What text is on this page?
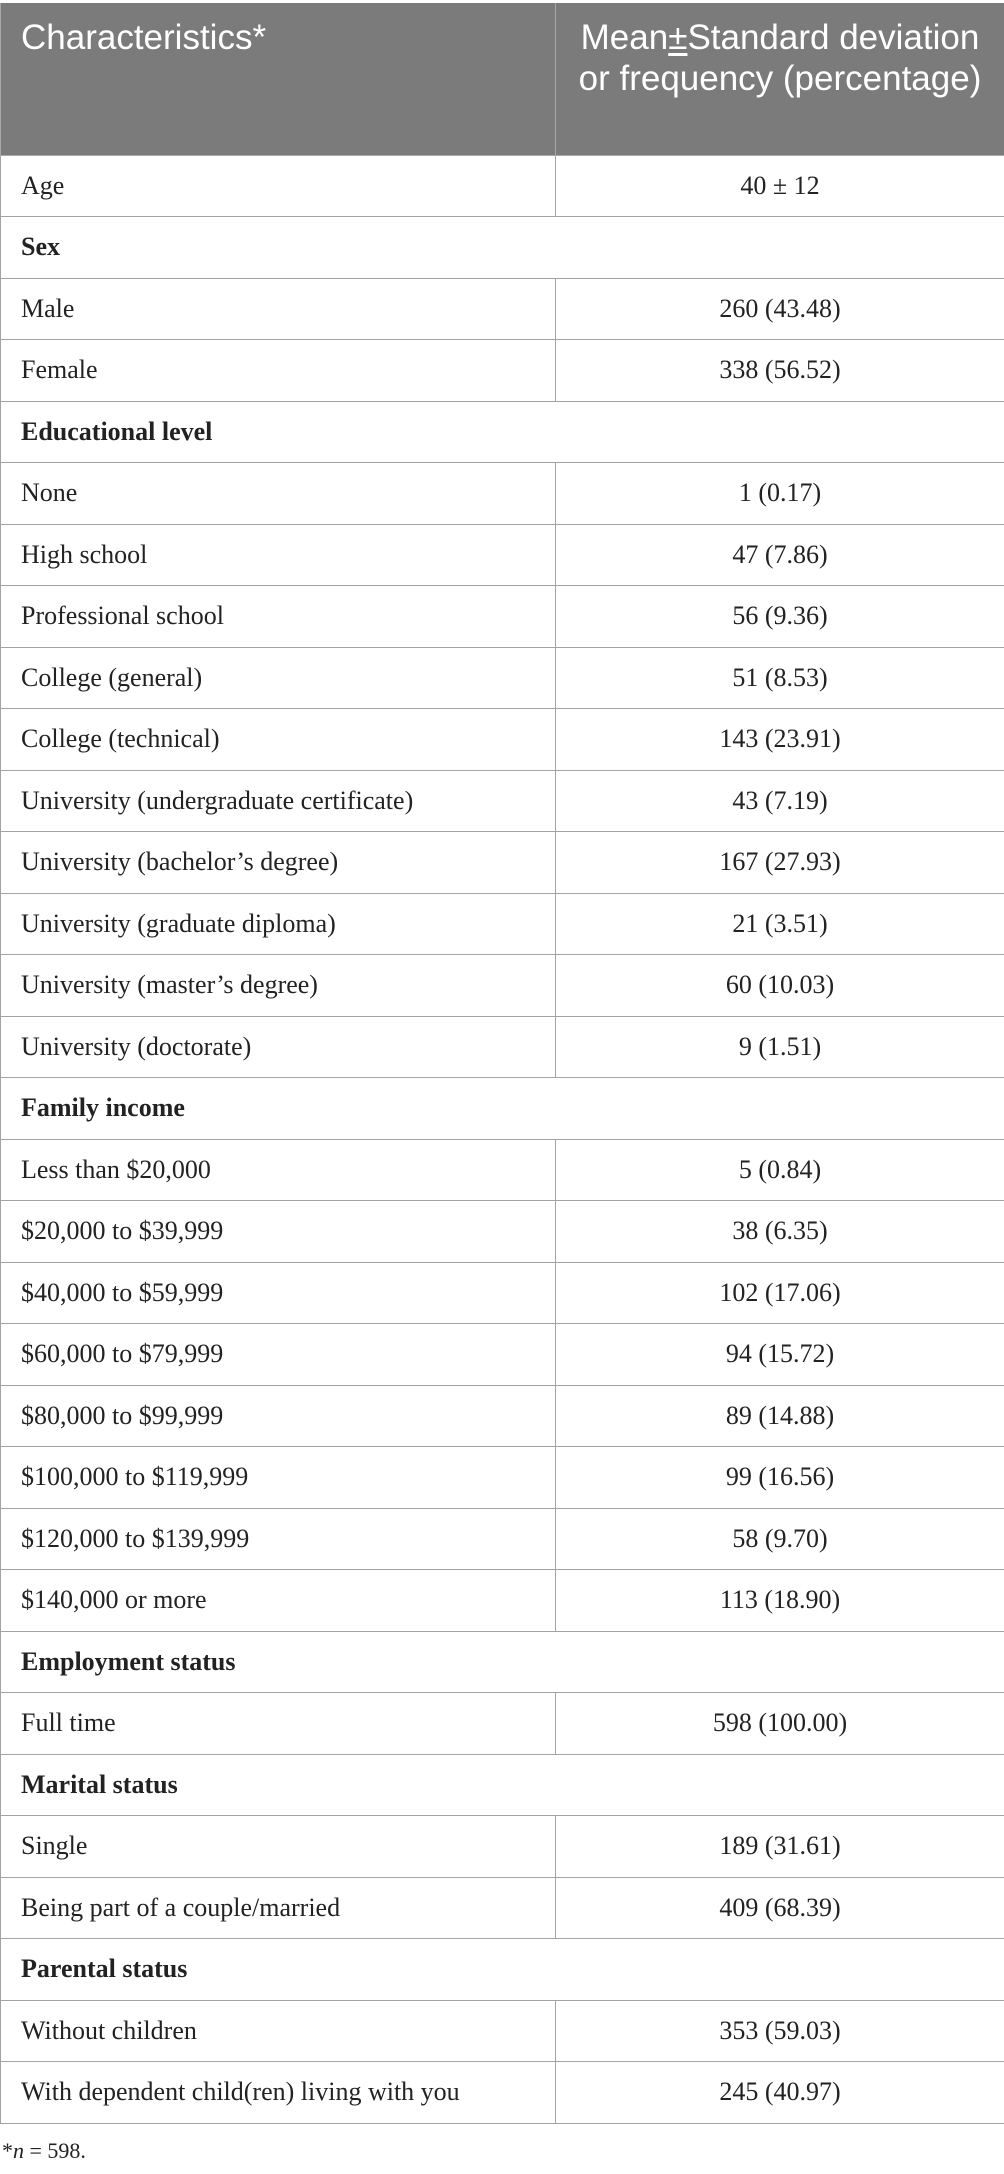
Characteristics*	Mean±Standard deviation or frequency (percentage)
Age	40 ± 12
Sex	
Male	260 (43.48)
Female	338 (56.52)
Educational level	
None	1 (0.17)
High school	47 (7.86)
Professional school	56 (9.36)
College (general)	51 (8.53)
College (technical)	143 (23.91)
University (undergraduate certificate)	43 (7.19)
University (bachelor’s degree)	167 (27.93)
University (graduate diploma)	21 (3.51)
University (master’s degree)	60 (10.03)
University (doctorate)	9 (1.51)
Family income	
Less than $20,000	5 (0.84)
$20,000 to $39,999	38 (6.35)
$40,000 to $59,999	102 (17.06)
$60,000 to $79,999	94 (15.72)
$80,000 to $99,999	89 (14.88)
$100,000 to $119,999	99 (16.56)
$120,000 to $139,999	58 (9.70)
$140,000 or more	113 (18.90)
Employment status	
Full time	598 (100.00)
Marital status	
Single	189 (31.61)
Being part of a couple/married	409 (68.39)
Parental status	
Without children	353 (59.03)
With dependent child(ren) living with you	245 (40.97)
*n = 598.
